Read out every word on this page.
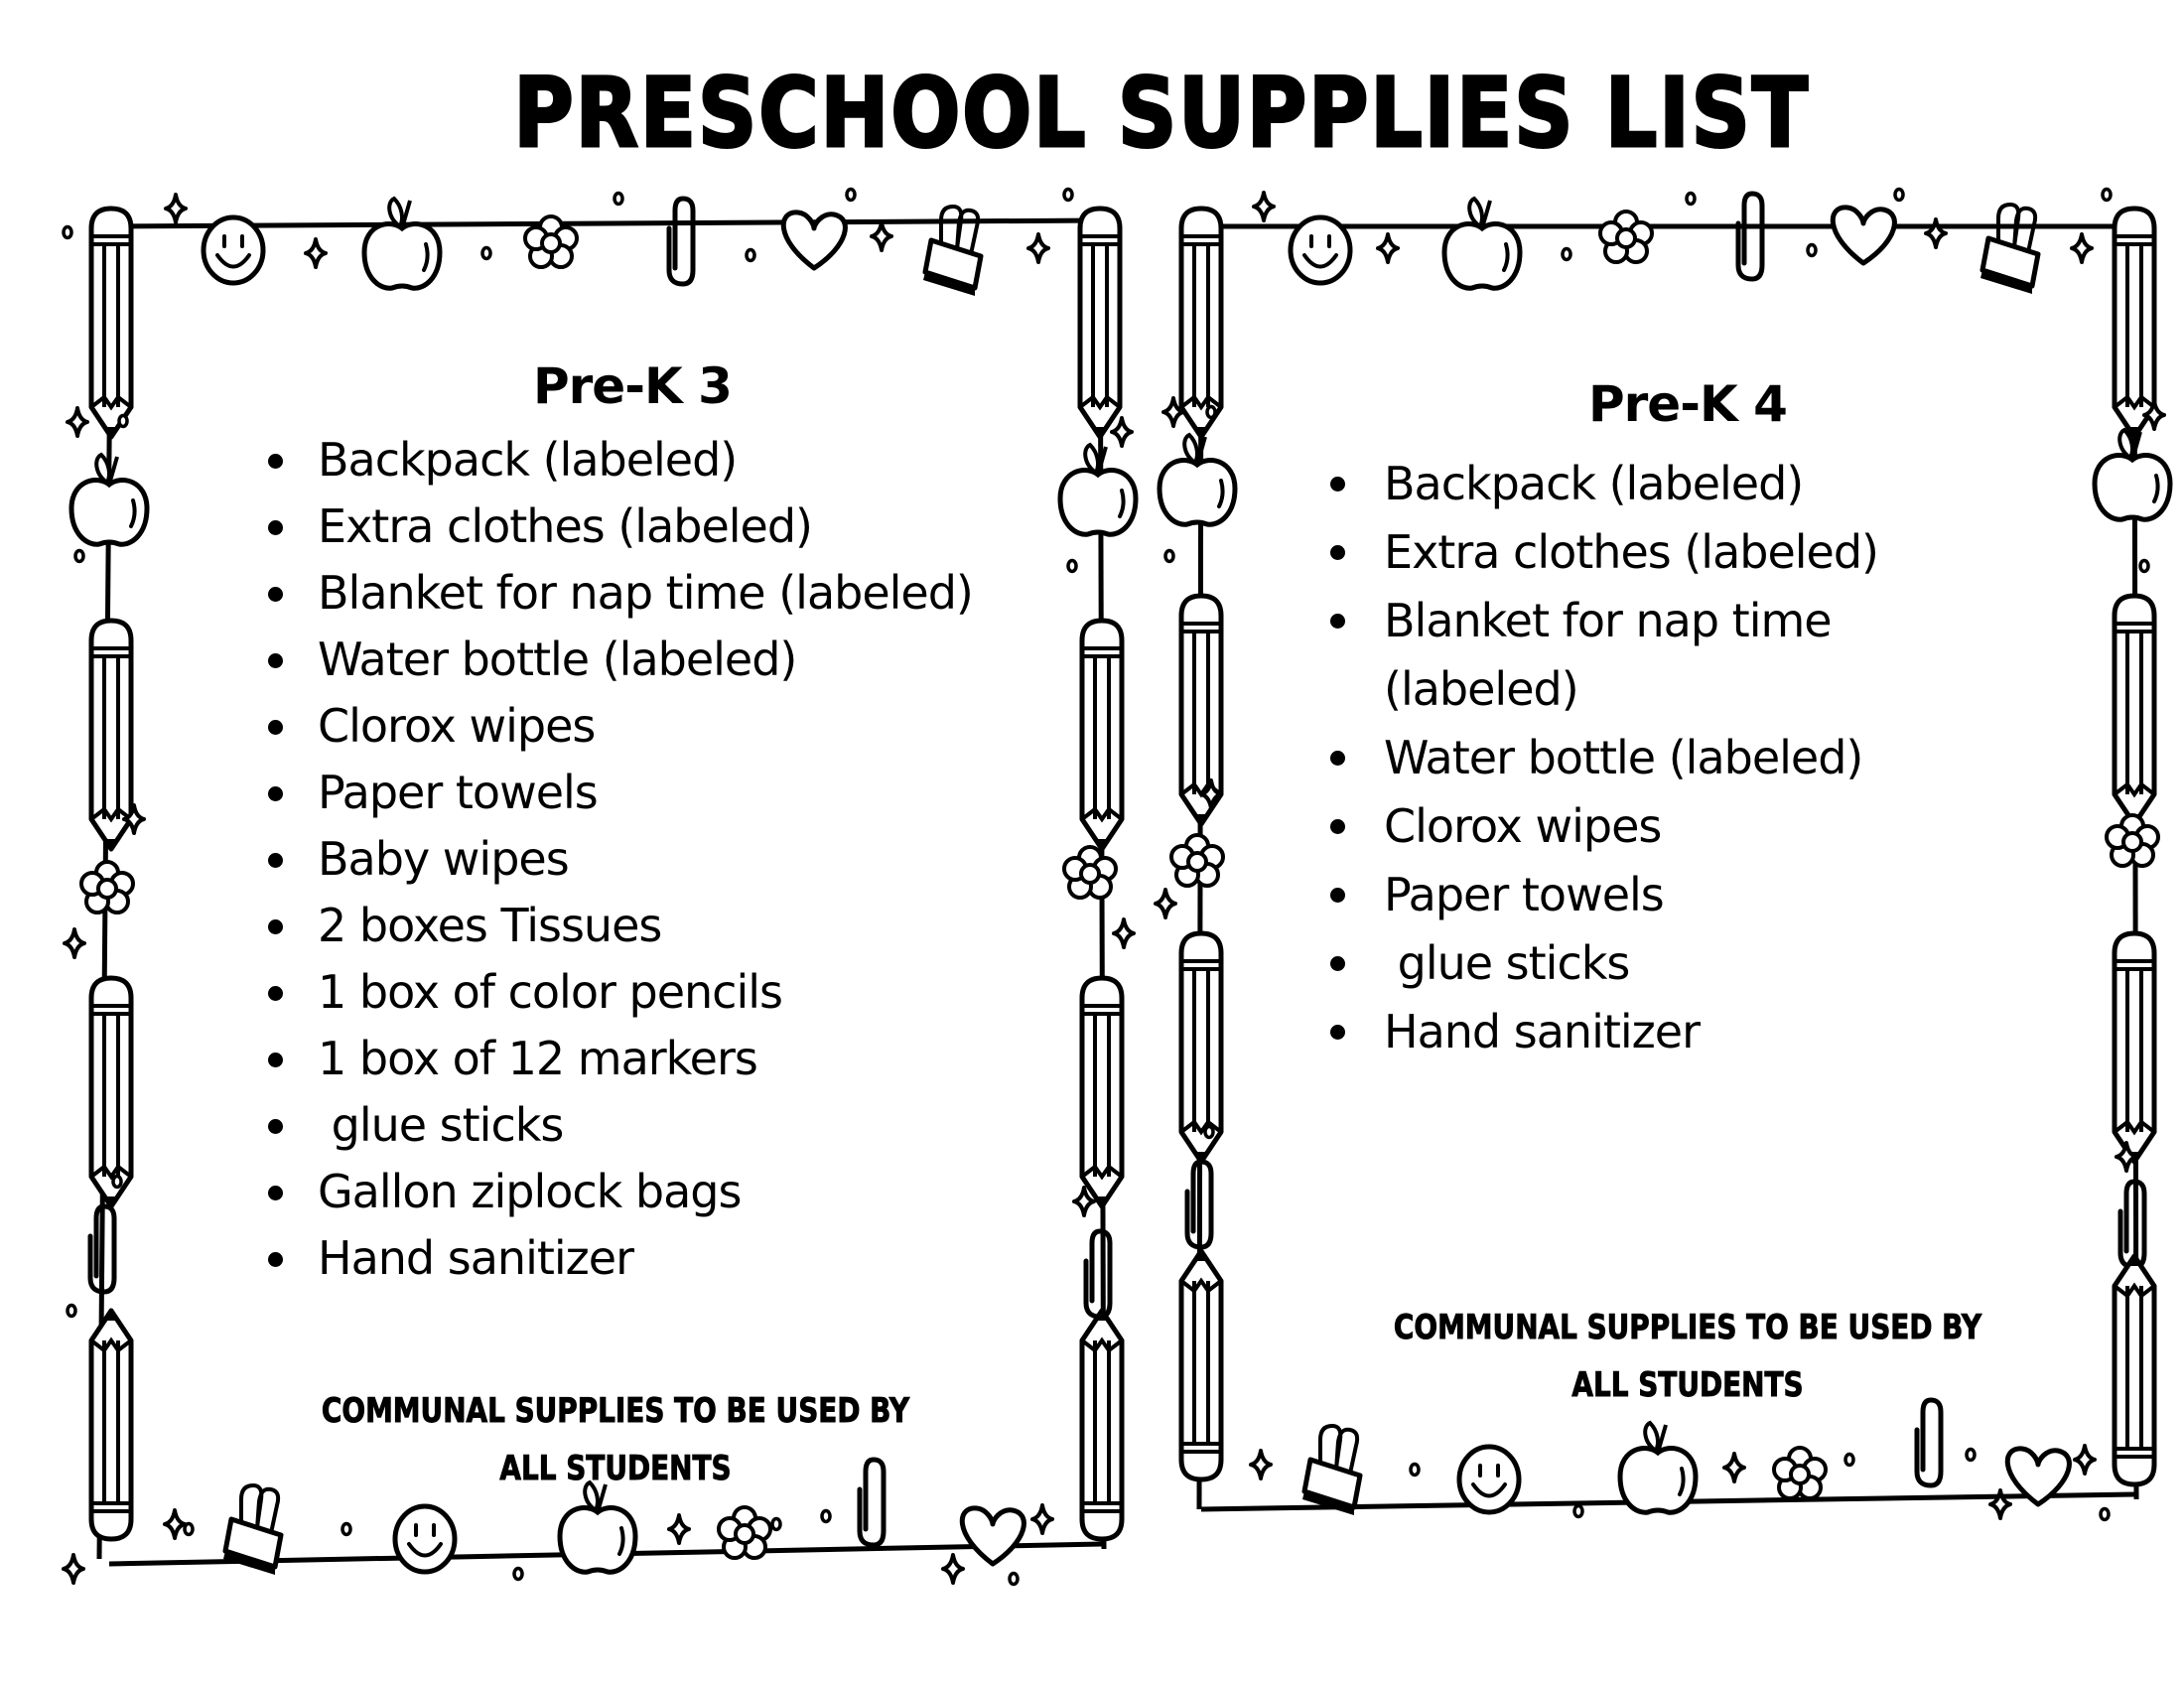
PRESCHOOL SUPPLIES LIST
Pre-K 3
Backpack (labeled)
Extra clothes (labeled)
Blanket for nap time (labeled)
Water bottle (labeled)
Clorox wipes
Paper towels
Baby wipes
2 boxes Tissues
1 box of color pencils
1 box of 12 markers
glue sticks
Gallon ziplock bags
Hand sanitizer
COMMUNAL SUPPLIES TO BE USED BY ALL STUDENTS
Pre-K 4
Backpack (labeled)
Extra clothes (labeled)
Blanket for nap time (labeled)
Water bottle (labeled)
Clorox wipes
Paper towels
glue sticks
Hand sanitizer
COMMUNAL SUPPLIES TO BE USED BY ALL STUDENTS
